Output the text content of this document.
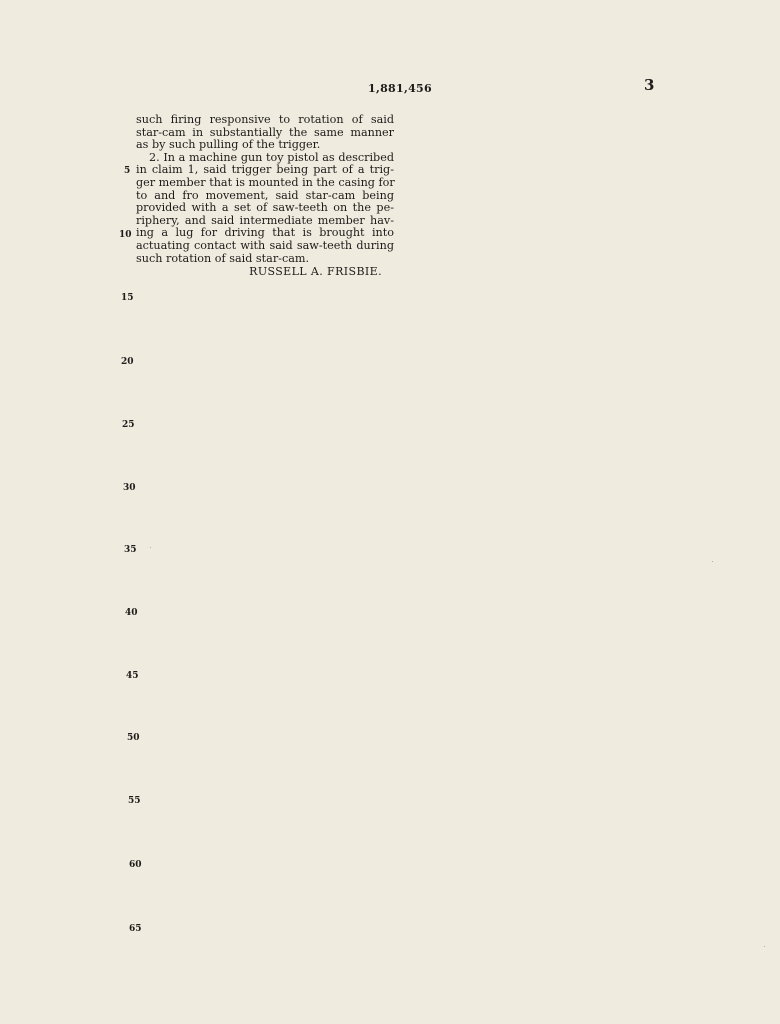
1,881,456	3
such firing responsive to rotation of said
star-cam in substantially the same manner
as by such pulling of the trigger.
2. In a machine gun toy pistol as described
in claim 1, said trigger being part of a trig-
ger member that is mounted in the casing for
to and fro movement, said star-cam being
provided with a set of saw-teeth on the pe-
riphery, and said intermediate member hav-
ing a lug for driving that is brought into
actuating contact with said saw-teeth during
such rotation of said star-cam.
RUSSELL A. FRISBIE.
5
10
15
20
25
30
35
40
45
50
55
60
65
